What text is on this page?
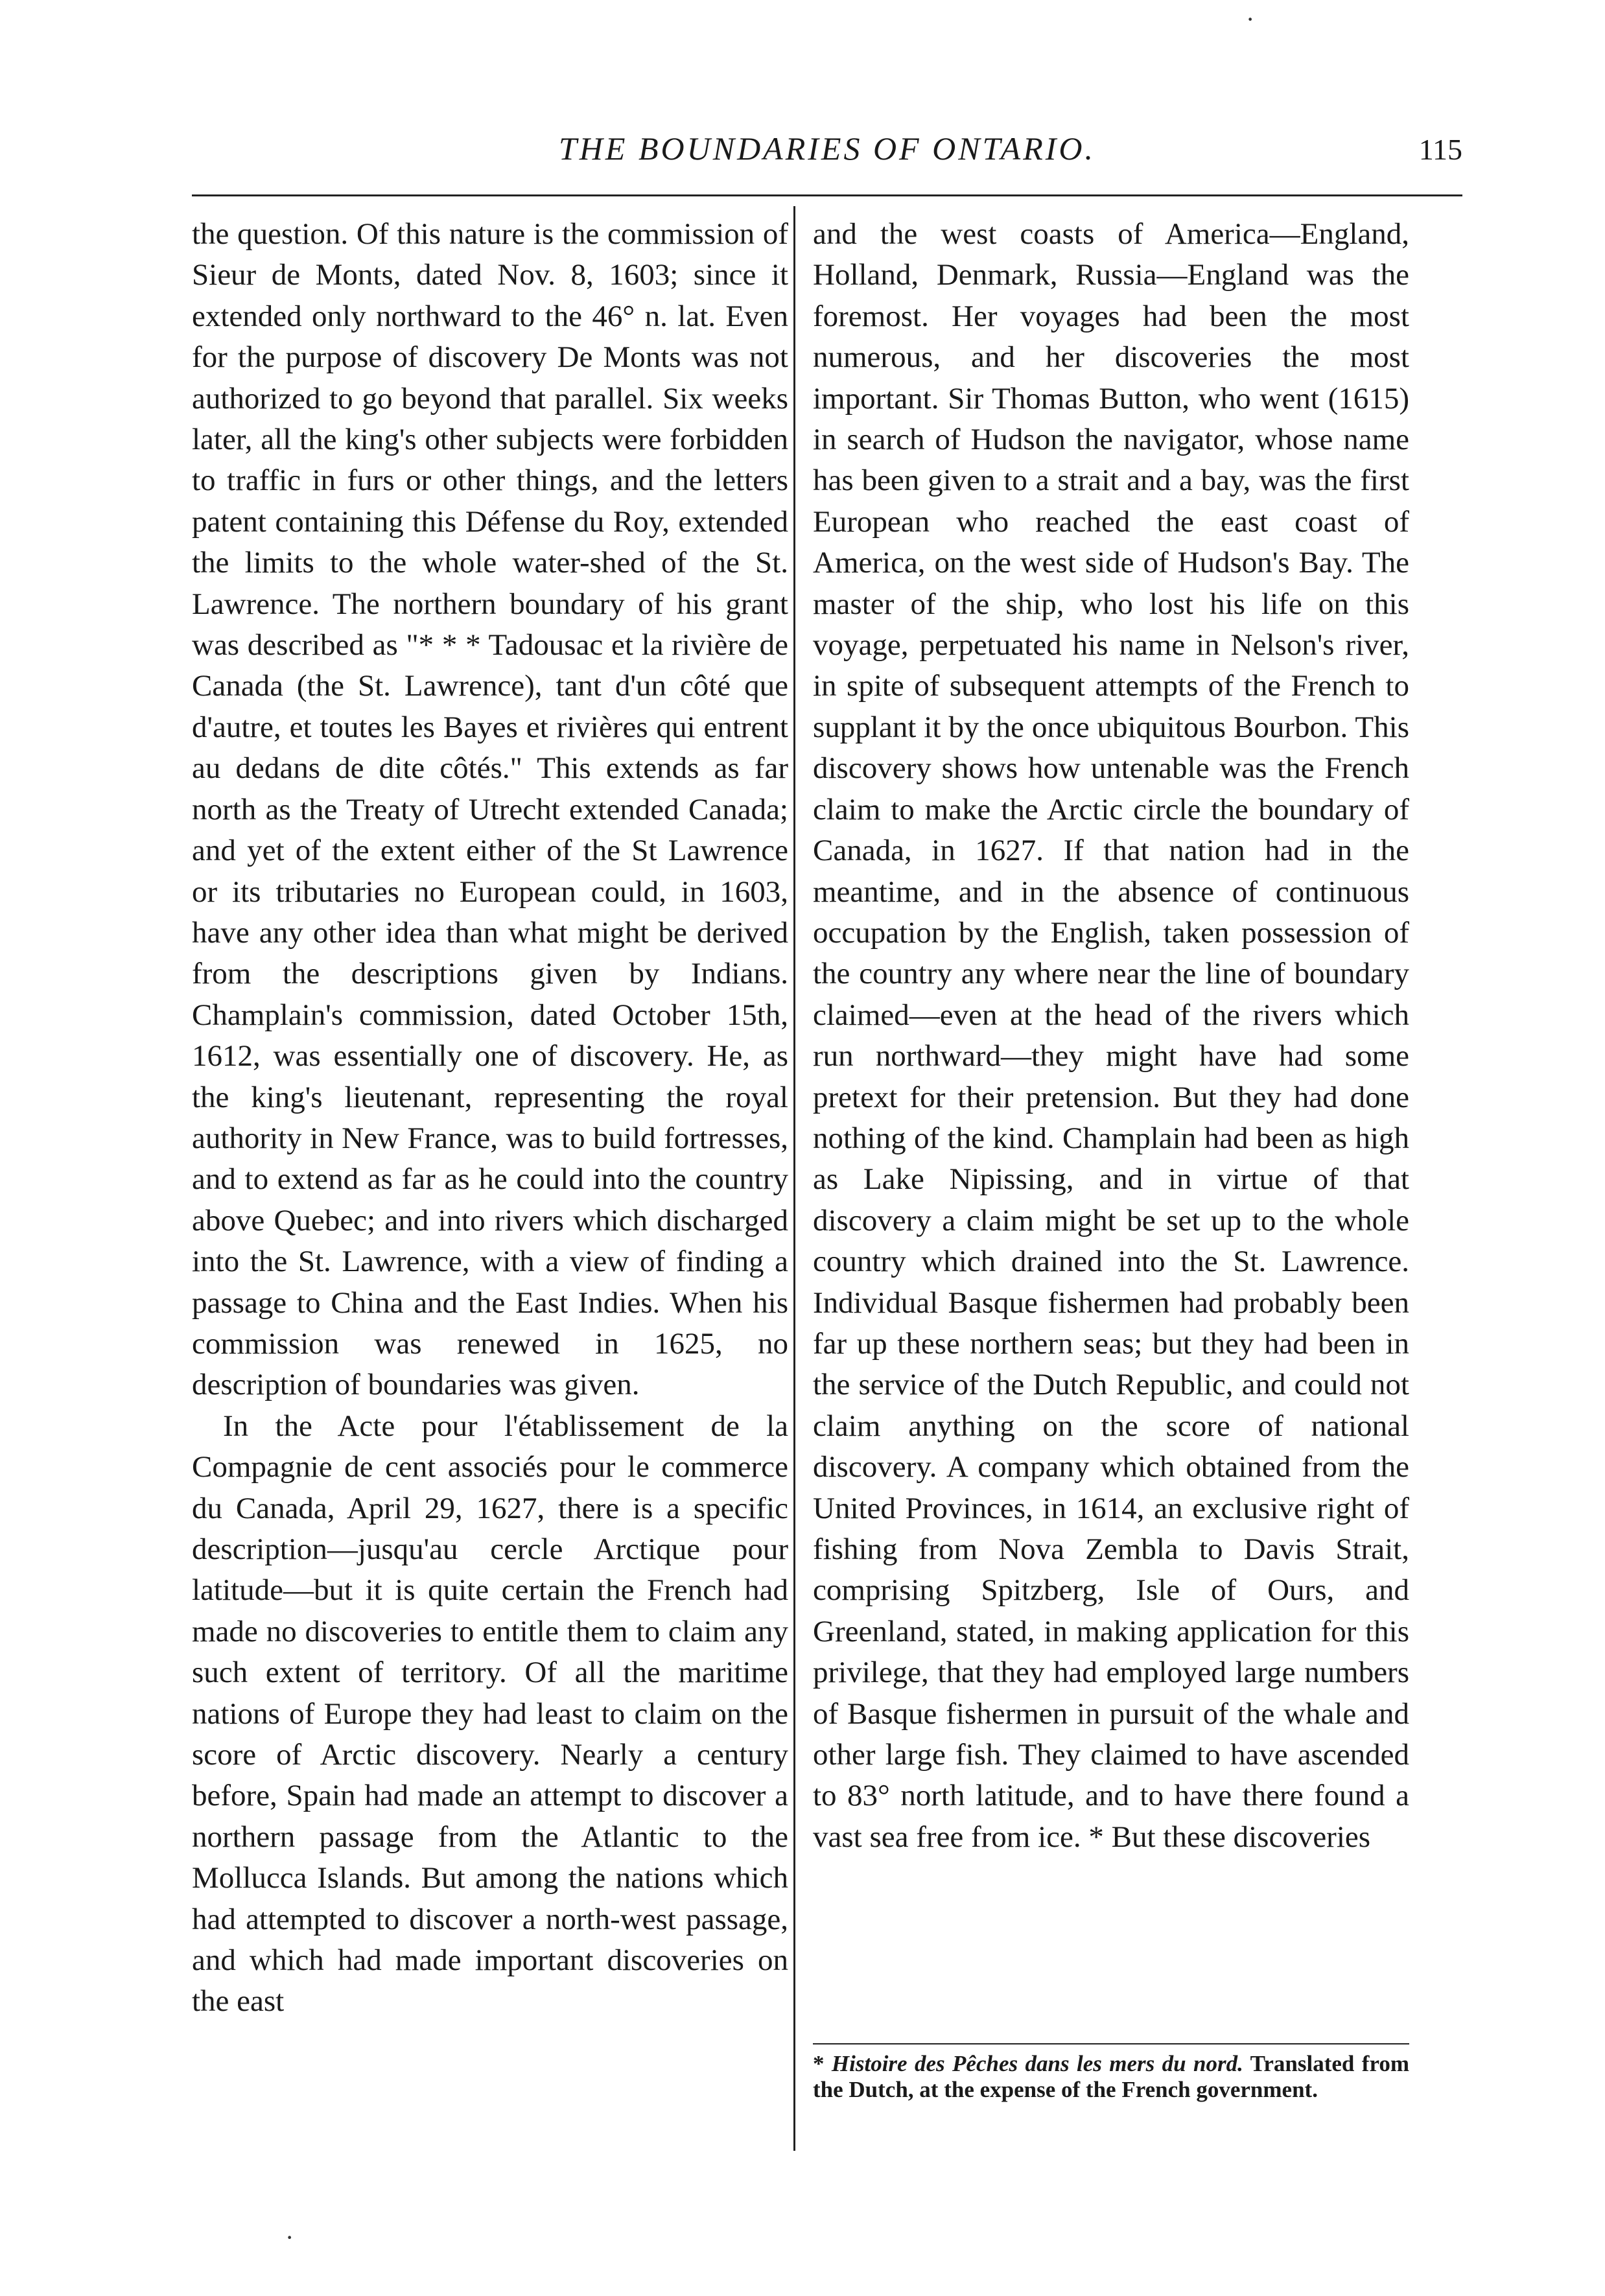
THE BOUNDARIES OF ONTARIO.	115

the question. Of this nature is the commission of Sieur de Monts, dated Nov. 8, 1603; since it extended only northward to the 46° n. lat. Even for the purpose of discovery De Monts was not authorized to go beyond that parallel. Six weeks later, all the king's other subjects were forbidden to traffic in furs or other things, and the letters patent containing this Défense du Roy, extended the limits to the whole water-shed of the St. Lawrence. The northern boundary of his grant was described as "* * * Tadousac et la rivière de Canada (the St. Lawrence), tant d'un côté que d'autre, et toutes les Bayes et rivières qui entrent au dedans de dite côtés." This extends as far north as the Treaty of Utrecht extended Canada; and yet of the extent either of the St Lawrence or its tributaries no European could, in 1603, have any other idea than what might be derived from the descriptions given by Indians. Champlain's commission, dated October 15th, 1612, was essentially one of discovery. He, as the king's lieutenant, representing the royal authority in New France, was to build fortresses, and to extend as far as he could into the country above Quebec; and into rivers which discharged into the St. Lawrence, with a view of finding a passage to China and the East Indies. When his commission was renewed in 1625, no description of boundaries was given.

In the Acte pour l'établissement de la Compagnie de cent associés pour le commerce du Canada, April 29, 1627, there is a specific description—jusqu'au cercle Arctique pour latitude—but it is quite certain the French had made no discoveries to entitle them to claim any such extent of territory. Of all the maritime nations of Europe they had least to claim on the score of Arctic discovery. Nearly a century before, Spain had made an attempt to discover a northern passage from the Atlantic to the Mollucca Islands. But among the nations which had attempted to discover a north-west passage, and which had made important discoveries on the east

and the west coasts of America—England, Holland, Denmark, Russia—England was the foremost. Her voyages had been the most numerous, and her discoveries the most important. Sir Thomas Button, who went (1615) in search of Hudson the navigator, whose name has been given to a strait and a bay, was the first European who reached the east coast of America, on the west side of Hudson's Bay. The master of the ship, who lost his life on this voyage, perpetuated his name in Nelson's river, in spite of subsequent attempts of the French to supplant it by the once ubiquitous Bourbon. This discovery shows how untenable was the French claim to make the Arctic circle the boundary of Canada, in 1627. If that nation had in the meantime, and in the absence of continuous occupation by the English, taken possession of the country any where near the line of boundary claimed—even at the head of the rivers which run northward—they might have had some pretext for their pretension. But they had done nothing of the kind. Champlain had been as high as Lake Nipissing, and in virtue of that discovery a claim might be set up to the whole country which drained into the St. Lawrence. Individual Basque fishermen had probably been far up these northern seas; but they had been in the service of the Dutch Republic, and could not claim anything on the score of national discovery. A company which obtained from the United Provinces, in 1614, an exclusive right of fishing from Nova Zembla to Davis Strait, comprising Spitzberg, Isle of Ours, and Greenland, stated, in making application for this privilege, that they had employed large numbers of Basque fishermen in pursuit of the whale and other large fish. They claimed to have ascended to 83° north latitude, and to have there found a vast sea free from ice. * But these discoveries

* Histoire des Pêches dans les mers du nord. Translated from the Dutch, at the expense of the French government.
·
·
